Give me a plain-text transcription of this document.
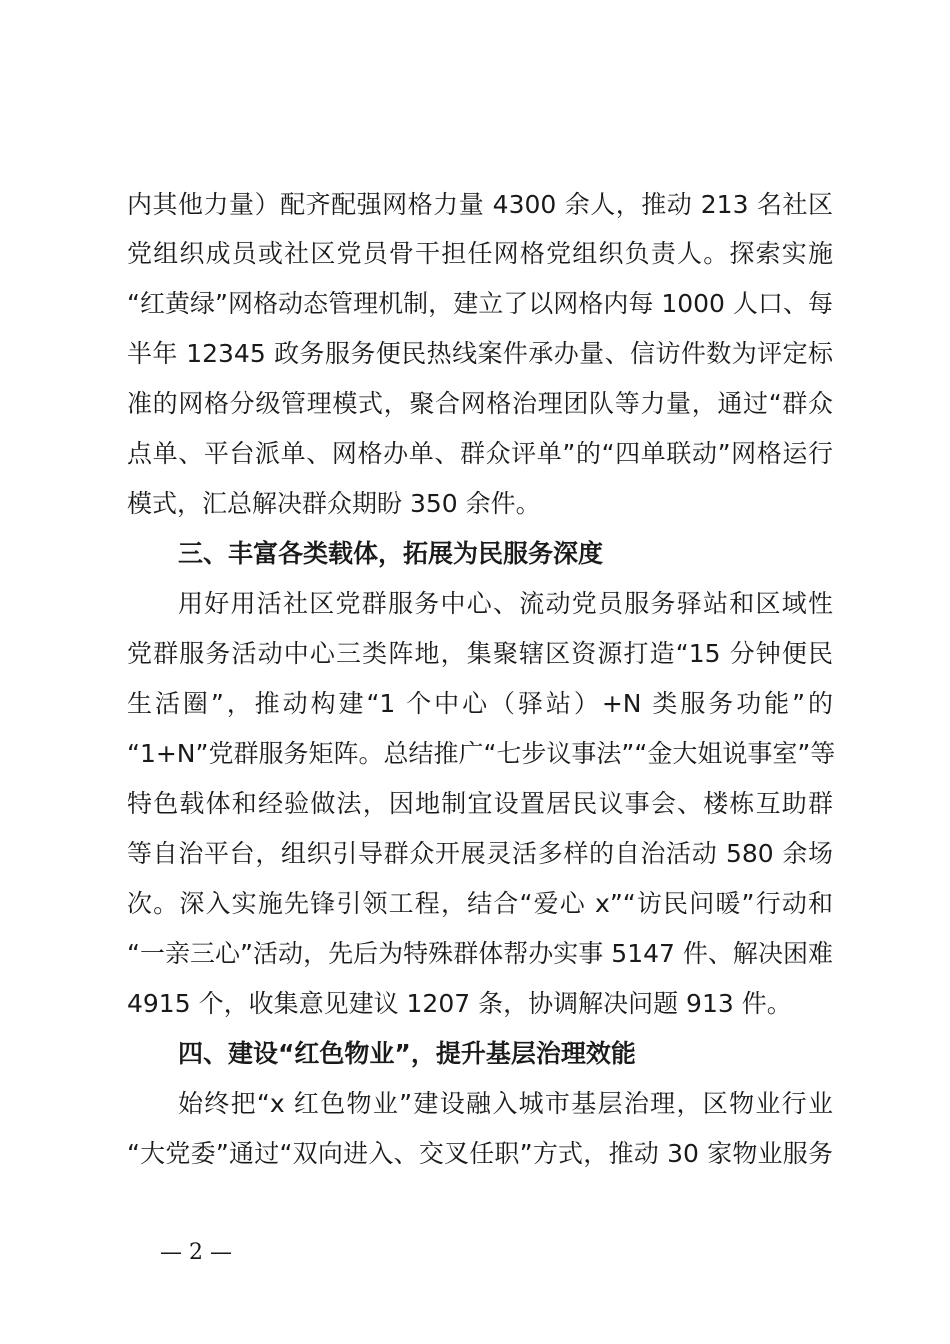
内其他力量）配齐配强网格力量 4300 余人，推动 213 名社区
党组织成员或社区党员骨干担任网格党组织负责人。探索实施
“红黄绿”网格动态管理机制，建立了以网格内每 1000 人口、每
半年 12345 政务服务便民热线案件承办量、信访件数为评定标
准的网格分级管理模式，聚合网格治理团队等力量，通过“群众
点单、平台派单、网格办单、群众评单”的“四单联动”网格运行
模式，汇总解决群众期盼 350 余件。
三、丰富各类载体，拓展为民服务深度
用好用活社区党群服务中心、流动党员服务驿站和区域性
党群服务活动中心三类阵地，集聚辖区资源打造“15 分钟便民
生活圈”，推动构建“1 个中心（驿站）+N 类服务功能”的
“1+N”党群服务矩阵。总结推广“七步议事法”“金大姐说事室”等
特色载体和经验做法，因地制宜设置居民议事会、楼栋互助群
等自治平台，组织引导群众开展灵活多样的自治活动 580 余场
次。深入实施先锋引领工程，结合“爱心 x”“访民问暖”行动和
“一亲三心”活动，先后为特殊群体帮办实事 5147 件、解决困难
4915 个，收集意见建议 1207 条，协调解决问题 913 件。
四、建设“红色物业”，提升基层治理效能
始终把“x 红色物业”建设融入城市基层治理，区物业行业
“大党委”通过“双向进入、交叉任职”方式，推动 30 家物业服务
— 2 —
